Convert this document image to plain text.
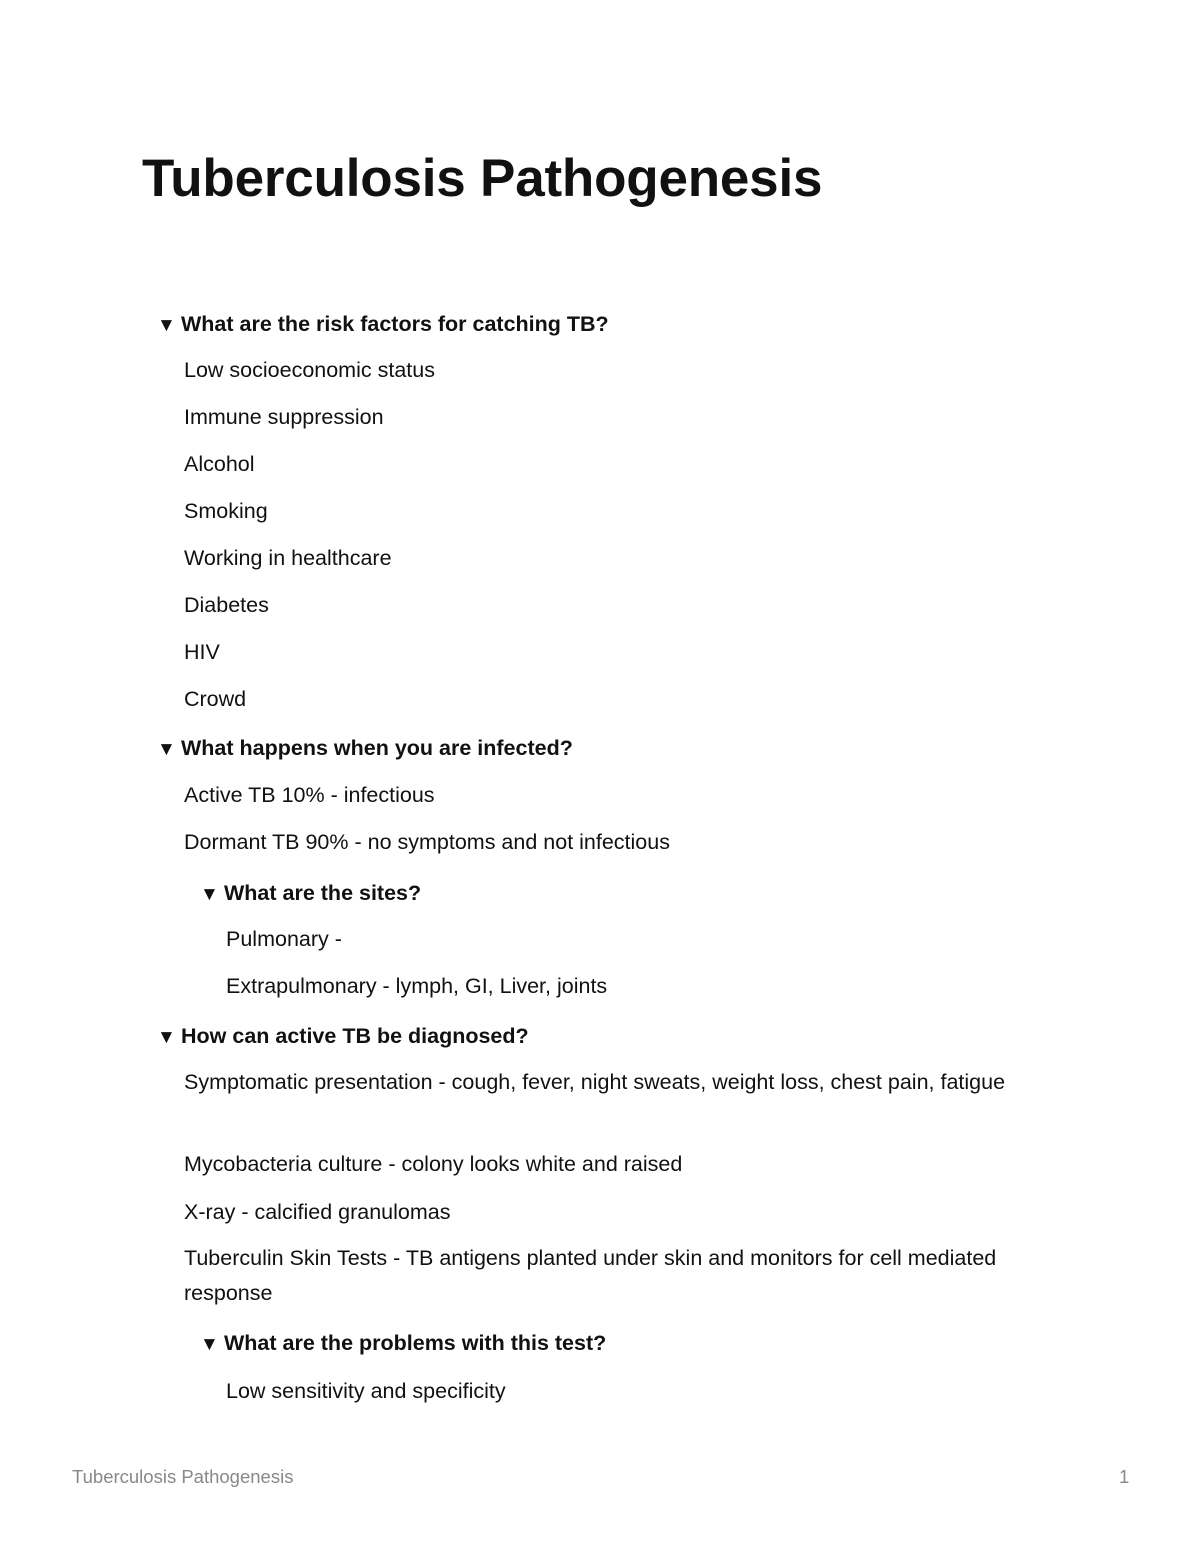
Tuberculosis Pathogenesis
▼ What are the risk factors for catching TB?
Low socioeconomic status
Immune suppression
Alcohol
Smoking
Working in healthcare
Diabetes
HIV
Crowd
▼ What happens when you are infected?
Active TB 10% - infectious
Dormant TB 90% - no symptoms and not infectious
▼ What are the sites?
Pulmonary -
Extrapulmonary - lymph, GI, Liver, joints
▼ How can active TB be diagnosed?
Symptomatic presentation - cough, fever, night sweats, weight loss, chest pain, fatigue
Mycobacteria culture - colony looks white and raised
X-ray - calcified granulomas
Tuberculin Skin Tests - TB antigens planted under skin and monitors for cell mediated response
▼ What are the problems with this test?
Low sensitivity and specificity
Tuberculosis Pathogenesis	1
